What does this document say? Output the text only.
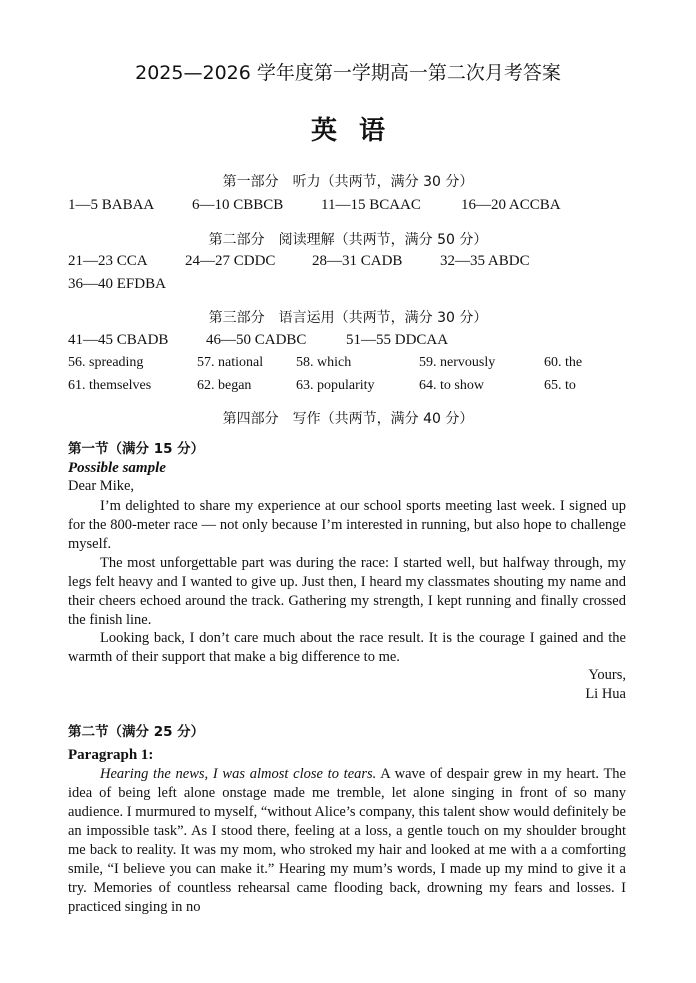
2025—2026 学年度第一学期高一第二次月考答案
英语
第一部分　听力（共两节，满分 30 分）
1—5 BABAA	6—10 CBBCB	11—15 BCAAC	16—20 ACCBA
第二部分　阅读理解（共两节，满分 50 分）
21—23 CCA 24—27 CDDC 28—31 CADB	32—35 ABDC
36—40 EFDBA
第三部分　语言运用（共两节，满分 30 分）
41—45 CBADB	46—50 CADBC	51—55 DDCAA
56. spreading	57. national 58. which	59. nervously	60. the
61. themselves	62. began	63. popularity	64. to show	65. to
第四部分　写作（共两节，满分 40 分）
第一节（满分 15 分）
Possible sample
Dear Mike,

I’m delighted to share my experience at our school sports meeting last week. I signed up for the 800-meter race — not only because I’m interested in running, but also hope to challenge myself.

The most unforgettable part was during the race: I started well, but halfway through, my legs felt heavy and I wanted to give up. Just then, I heard my classmates shouting my name and their cheers echoed around the track. Gathering my strength, I kept running and finally crossed the finish line.

Looking back, I don’t care much about the race result. It is the courage I gained and the warmth of their support that make a big difference to me.

Yours,
Li Hua
第二节（满分 25 分）
Paragraph 1:

Hearing the news, I was almost close to tears. A wave of despair grew in my heart. The idea of being left alone onstage made me tremble, let alone singing in front of so many audience. I murmured to myself, “without Alice’s company, this talent show would definitely be an impossible task”. As I stood there, feeling at a loss, a gentle touch on my shoulder brought me back to reality. It was my mom, who stroked my hair and looked at me with a a comforting smile, “I believe you can make it.” Hearing my mum’s words, I made up my mind to give it a try. Memories of countless rehearsal came flooding back, drowning my fears and losses. I practiced singing in no
